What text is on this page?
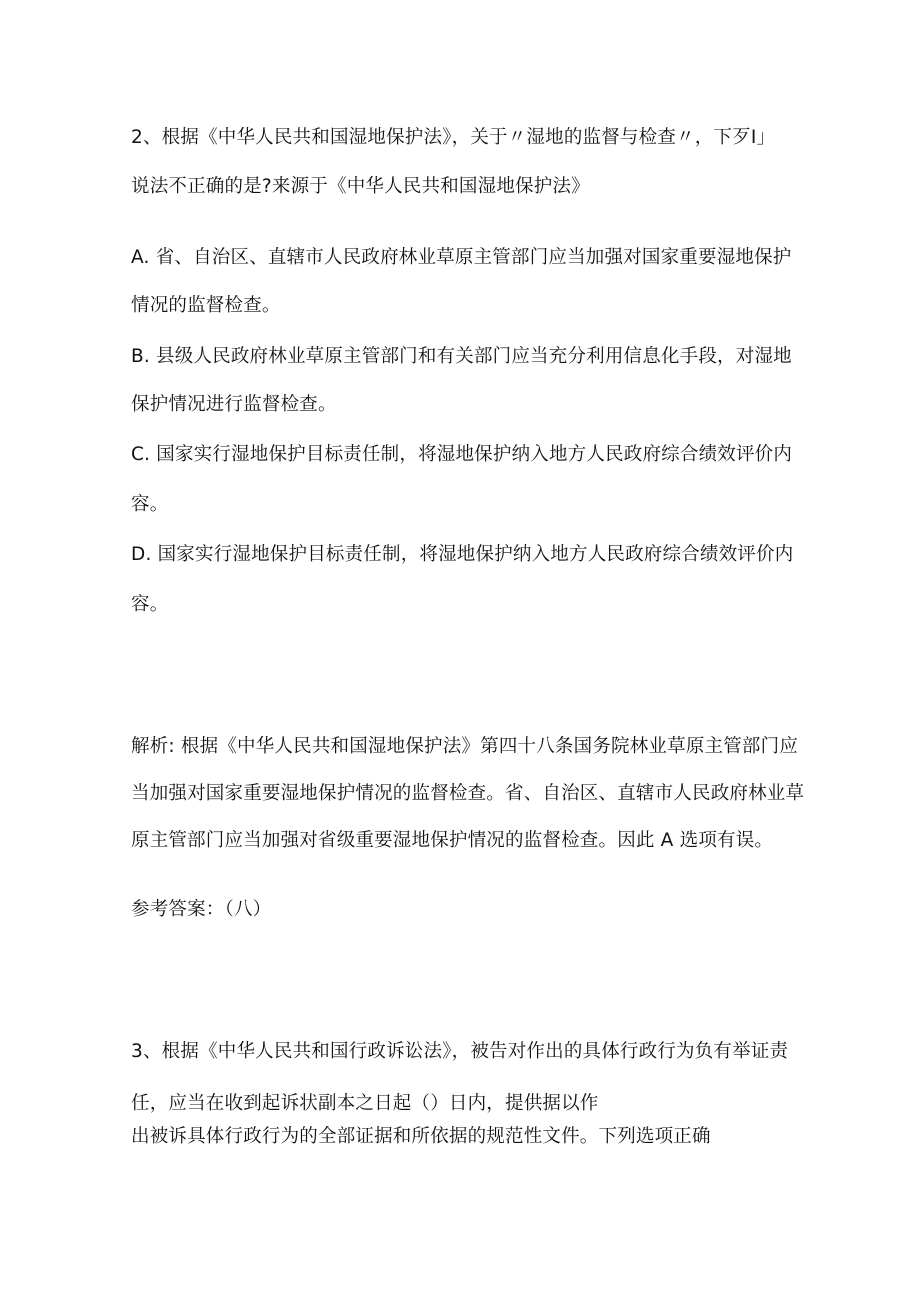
2、根据《中华人民共和国湿地保护法》，关于〃湿地的监督与检查〃，下歹I」
说法不正确的是?来源于《中华人民共和国湿地保护法》
A. 省、自治区、直辖市人民政府林业草原主管部门应当加强对国家重要湿地保护
情况的监督检查。
B. 县级人民政府林业草原主管部门和有关部门应当充分利用信息化手段，对湿地
保护情况进行监督检查。
C. 国家实行湿地保护目标责任制，将湿地保护纳入地方人民政府综合绩效评价内
容。
D. 国家实行湿地保护目标责任制，将湿地保护纳入地方人民政府综合绩效评价内
容。
解析: 根据《中华人民共和国湿地保护法》第四十八条国务院林业草原主管部门应
当加强对国家重要湿地保护情况的监督检查。省、自治区、直辖市人民政府林业草
原主管部门应当加强对省级重要湿地保护情况的监督检查。因此 A 选项有误。
参考答案：（八）
3、根据《中华人民共和国行政诉讼法》，被告对作出的具体行政行为负有举证责
任，应当在收到起诉状副本之日起（）日内，提供据以作
出被诉具体行政行为的全部证据和所依据的规范性文件。下列选项正确
